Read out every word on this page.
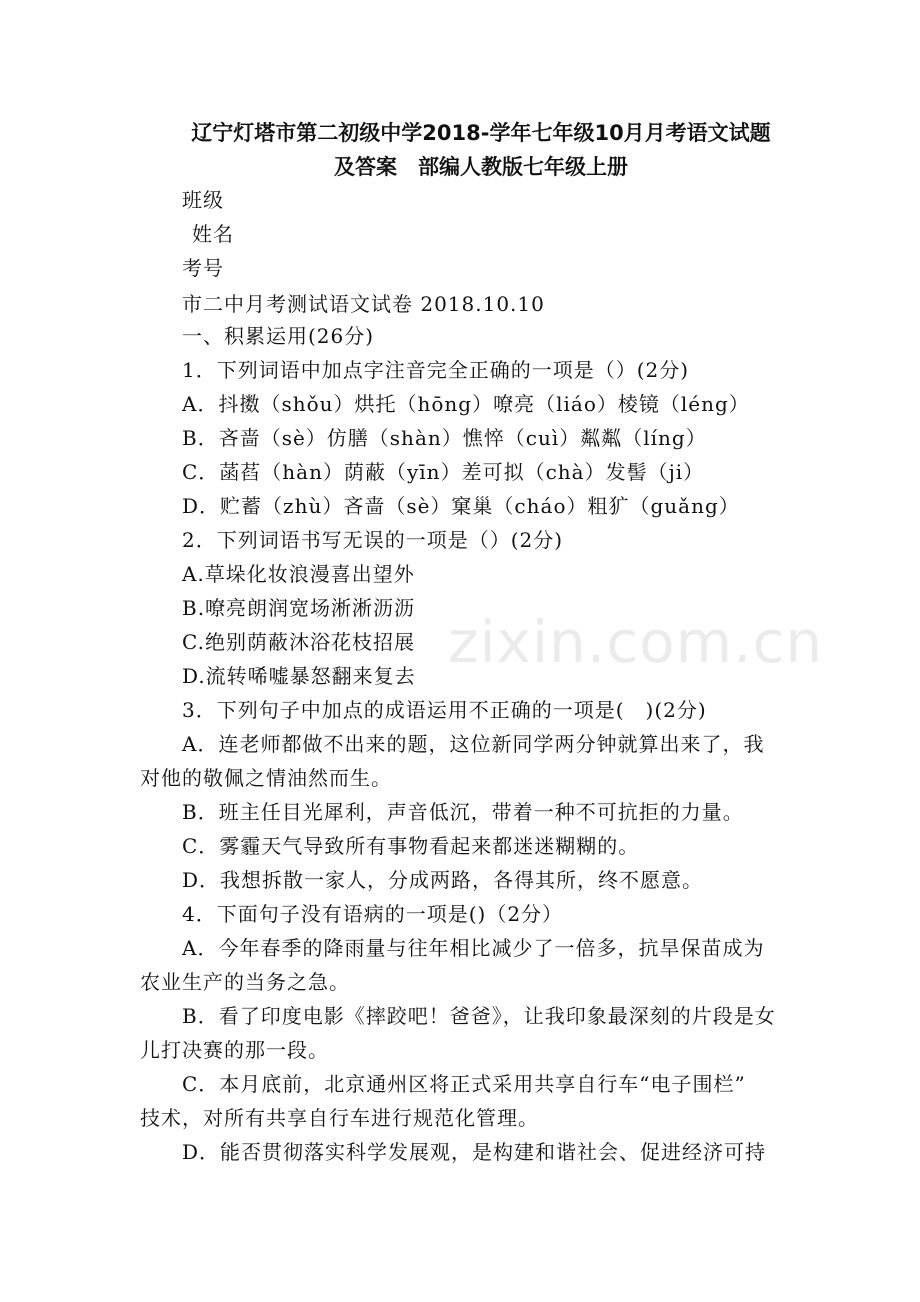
辽宁灯塔市第二初级中学2018-学年七年级10月月考语文试题
及答案　部编人教版七年级上册
班级
姓名
考号
市二中月考测试语文试卷 2018.10.10
一、积累运用(26分)
1．下列词语中加点字注音完全正确的一项是（）(2分)
A．抖擞（shǒu）烘托（hōng）嘹亮（liáo）棱镜（léng）
B．吝啬（sè）仿膳（shàn）憔悴（cuì）粼粼（líng）
C．菡萏（hàn）荫蔽（yīn）差可拟（chà）发髻（ji）
D．贮蓄（zhù）吝啬（sè）窠巢（cháo）粗犷（guǎng）
2．下列词语书写无误的一项是（）(2分)
A.草垛化妆浪漫喜出望外
B.嘹亮朗润宽场淅淅沥沥
C.绝别荫蔽沐浴花枝招展
D.流转唏嘘暴怒翻来复去
3．下列句子中加点的成语运用不正确的一项是(　)(2分)
A．连老师都做不出来的题，这位新同学两分钟就算出来了，我
对他的敬佩之情油然而生。
B．班主任目光犀利，声音低沉，带着一种不可抗拒的力量。
C．雾霾天气导致所有事物看起来都迷迷糊糊的。
D．我想拆散一家人，分成两路，各得其所，终不愿意。
4．下面句子没有语病的一项是()（2分）
A．今年春季的降雨量与往年相比减少了一倍多，抗旱保苗成为
农业生产的当务之急。
B．看了印度电影《摔跤吧！爸爸》，让我印象最深刻的片段是女
儿打决赛的那一段。
C．本月底前，北京通州区将正式采用共享自行车“电子围栏”
技术，对所有共享自行车进行规范化管理。
D．能否贯彻落实科学发展观，是构建和谐社会、促进经济可持
zixin.com.cn
